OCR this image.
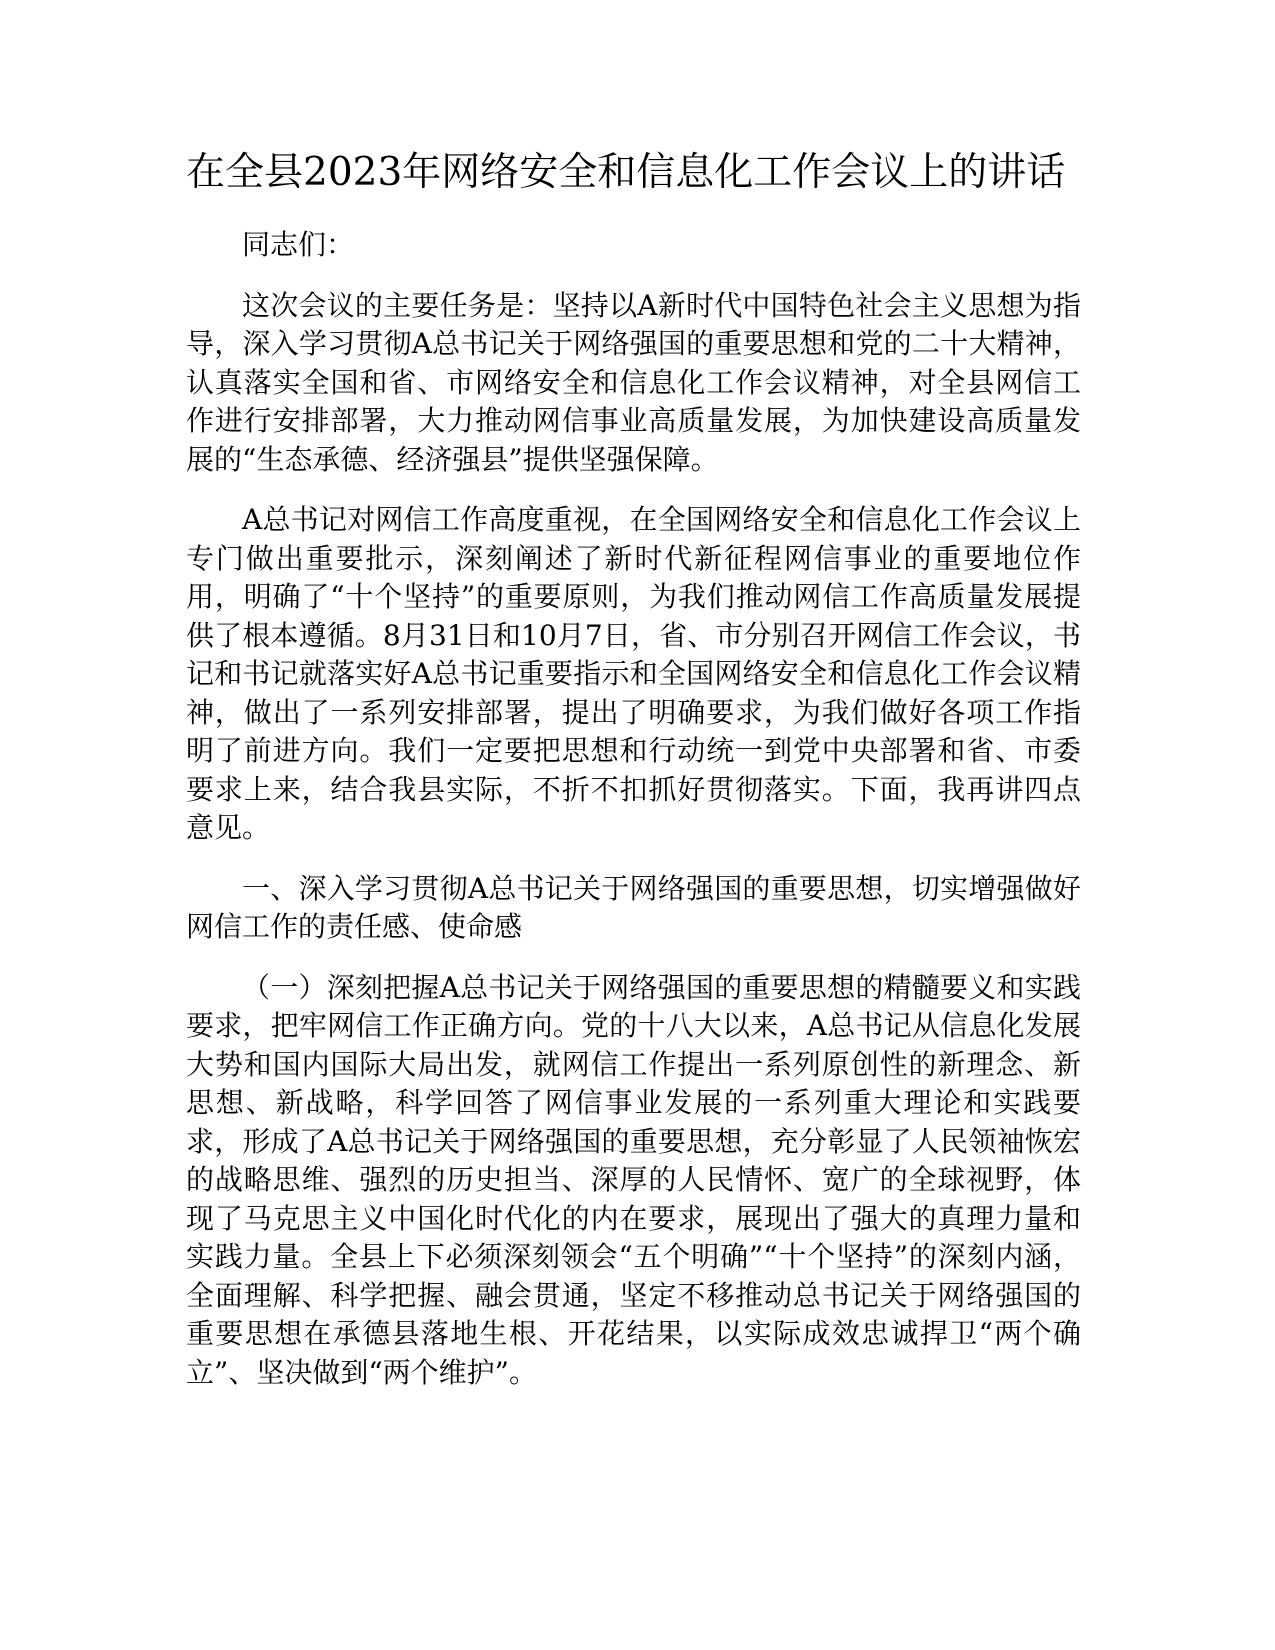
在全县2023年网络安全和信息化工作会议上的讲话

同志们：

这次会议的主要任务是：坚持以A新时代中国特色社会主义思想为指导，深入学习贯彻A总书记关于网络强国的重要思想和党的二十大精神，认真落实全国和省、市网络安全和信息化工作会议精神，对全县网信工作进行安排部署，大力推动网信事业高质量发展，为加快建设高质量发展的“生态承德、经济强县”提供坚强保障。

A总书记对网信工作高度重视，在全国网络安全和信息化工作会议上专门做出重要批示，深刻阐述了新时代新征程网信事业的重要地位作用，明确了“十个坚持”的重要原则，为我们推动网信工作高质量发展提供了根本遵循。8月31日和10月7日，省、市分别召开网信工作会议，书记和书记就落实好A总书记重要指示和全国网络安全和信息化工作会议精神，做出了一系列安排部署，提出了明确要求，为我们做好各项工作指明了前进方向。我们一定要把思想和行动统一到党中央部署和省、市委要求上来，结合我县实际，不折不扣抓好贯彻落实。下面，我再讲四点意见。

一、深入学习贯彻A总书记关于网络强国的重要思想，切实增强做好网信工作的责任感、使命感

（一）深刻把握A总书记关于网络强国的重要思想的精髓要义和实践要求，把牢网信工作正确方向。党的十八大以来，A总书记从信息化发展大势和国内国际大局出发，就网信工作提出一系列原创性的新理念、新思想、新战略，科学回答了网信事业发展的一系列重大理论和实践要求，形成了A总书记关于网络强国的重要思想，充分彰显了人民领袖恢宏的战略思维、强烈的历史担当、深厚的人民情怀、宽广的全球视野，体现了马克思主义中国化时代化的内在要求，展现出了强大的真理力量和实践力量。全县上下必须深刻领会“五个明确”“十个坚持”的深刻内涵，全面理解、科学把握、融会贯通，坚定不移推动总书记关于网络强国的重要思想在承德县落地生根、开花结果，以实际成效忠诚捍卫“两个确立”、坚决做到“两个维护”。
